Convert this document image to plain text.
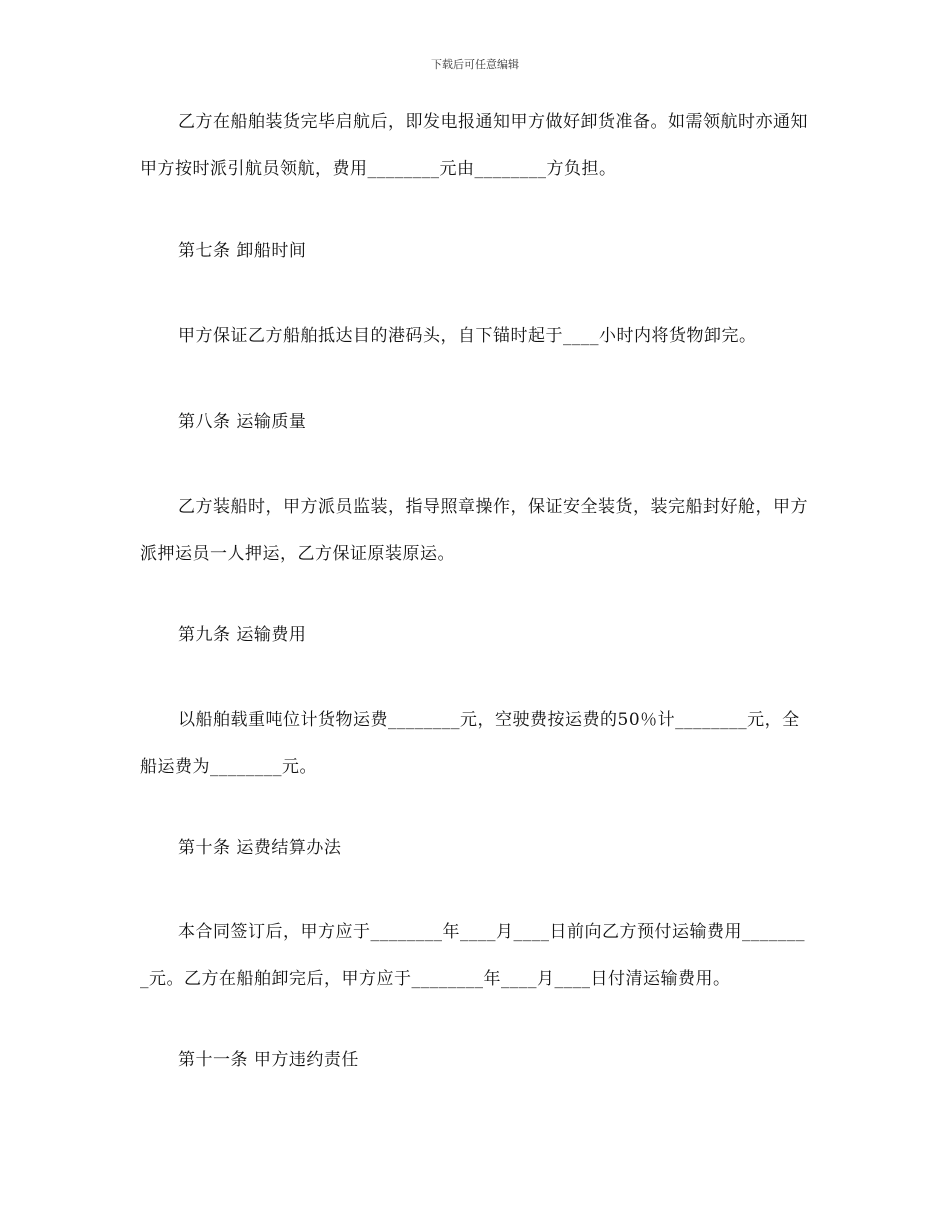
下载后可任意编辑
乙方在船舶装货完毕启航后，即发电报通知甲方做好卸货准备。如需领航时亦通知甲方按时派引航员领航，费用________元由________方负担。
第七条 卸船时间
甲方保证乙方船舶抵达目的港码头，自下锚时起于____小时内将货物卸完。
第八条 运输质量
乙方装船时，甲方派员监装，指导照章操作，保证安全装货，装完船封好舱，甲方派押运员一人押运，乙方保证原装原运。
第九条 运输费用
以船舶载重吨位计货物运费________元，空驶费按运费的50％计________元，全船运费为________元。
第十条 运费结算办法
本合同签订后，甲方应于________年____月____日前向乙方预付运输费用________元。乙方在船舶卸完后，甲方应于________年____月____日付清运输费用。
第十一条 甲方违约责任
